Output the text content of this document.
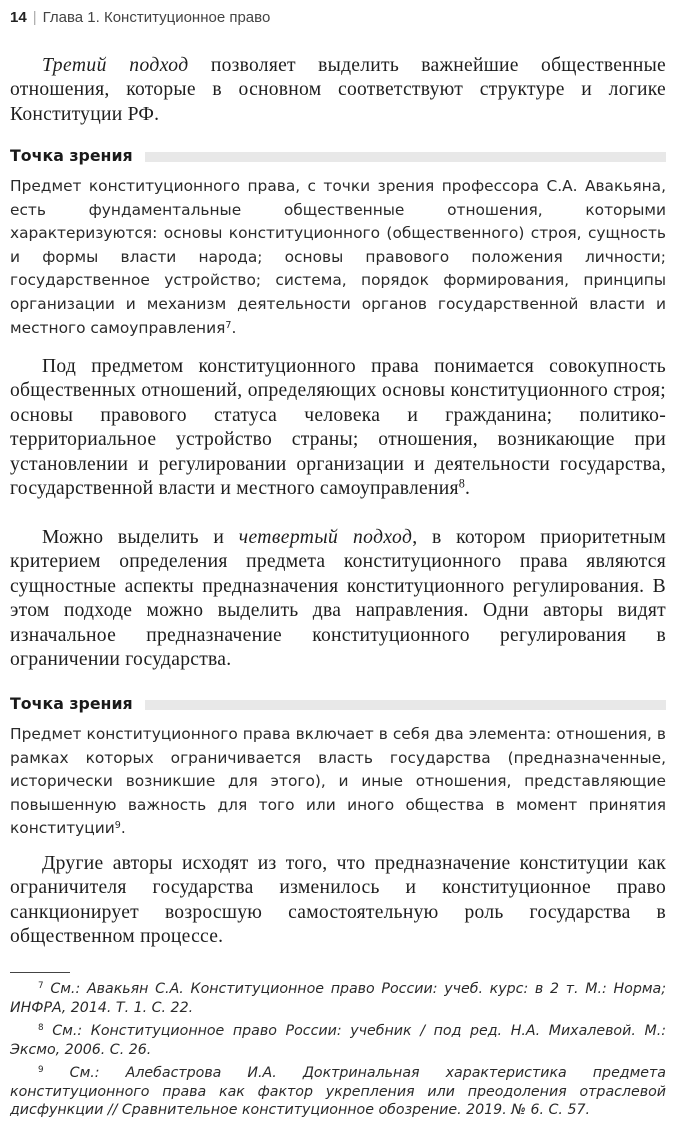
14 | Глава 1. Конституционное право

Третий подход позволяет выделить важнейшие общественные отношения, которые в основном соответствуют структуре и логике Конституции РФ.

Точка зрения

Предмет конституционного права, с точки зрения профессора С.А. Авакьяна, есть фундаментальные общественные отношения, которыми характеризуются: основы конституционного (общественного) строя, сущность и формы власти народа; основы правового положения личности; государственное устройство; система, порядок формирования, принципы организации и механизм деятельности органов государственной власти и местного самоуправления$^7$.

Под предметом конституционного права понимается совокупность общественных отношений, определяющих основы конституционного строя; основы правового статуса человека и гражданина; политико-территориальное устройство страны; отношения, возникающие при установлении и регулировании организации и деятельности государства, государственной власти и местного самоуправления$^8$.

Можно выделить и четвертый подход, в котором приоритетным критерием определения предмета конституционного права являются сущностные аспекты предназначения конституционного регулирования. В этом подходе можно выделить два направления. Одни авторы видят изначальное предназначение конституционного регулирования в ограничении государства.

Точка зрения

Предмет конституционного права включает в себя два элемента: отношения, в рамках которых ограничивается власть государства (предназначенные, исторически возникшие для этого), и иные отношения, представляющие повышенную важность для того или иного общества в момент принятия конституции$^9$.

Другие авторы исходят из того, что предназначение конституции как ограничителя государства изменилось и конституционное право санкционирует возросшую самостоятельную роль государства в общественном процессе.

$^7$ См.: Авакьян С.А. Конституционное право России: учеб. курс: в 2 т. М.: Норма; ИНФРА, 2014. Т. 1. С. 22.

$^8$ См.: Конституционное право России: учебник / под ред. Н.А. Михалевой. М.: Эксмо, 2006. С. 26.

$^9$ См.: Алебастрова И.А. Доктринальная характеристика предмета конституционного права как фактор укрепления или преодоления отраслевой дисфункции // Сравнительное конституционное обозрение. 2019. № 6. С. 57.
